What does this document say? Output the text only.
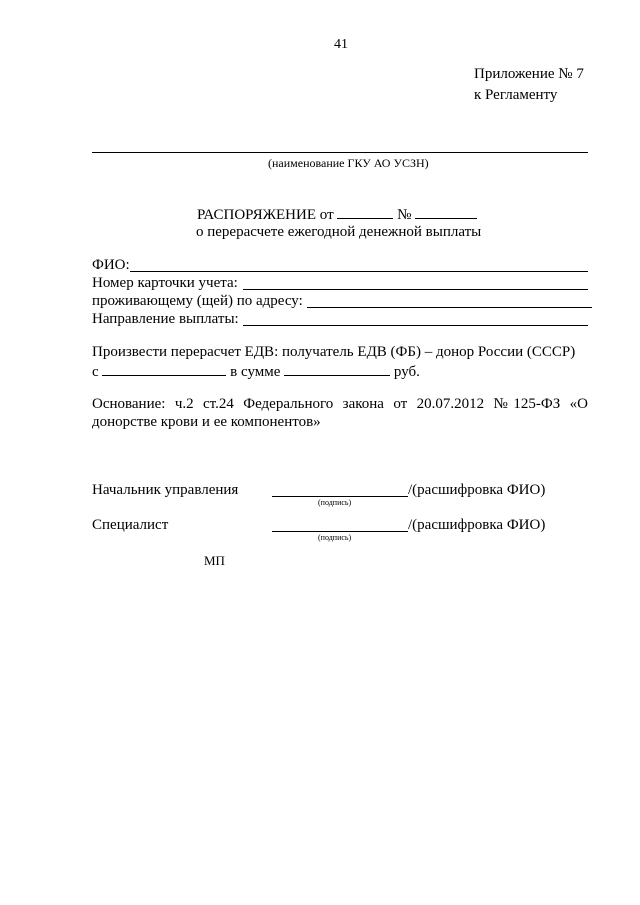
41
Приложение № 7
к Регламенту
(наименование ГКУ АО УСЗН)
РАСПОРЯЖЕНИЕ от	№
о перерасчете ежегодной денежной выплаты
ФИО:
Номер карточки учета:
проживающему (щей) по адресу:
Направление выплаты:
Произвести перерасчет ЕДВ: получатель ЕДВ (ФБ) – донор России (СССР)
с	в сумме	руб.
Основание: ч.2 ст.24 Федерального закона от 20.07.2012 №125-ФЗ «О донорстве крови и ее компонентов»
Начальник управления	/(расшифровка ФИО)
(подпись)
Специалист	/(расшифровка ФИО)
(подпись)
МП
